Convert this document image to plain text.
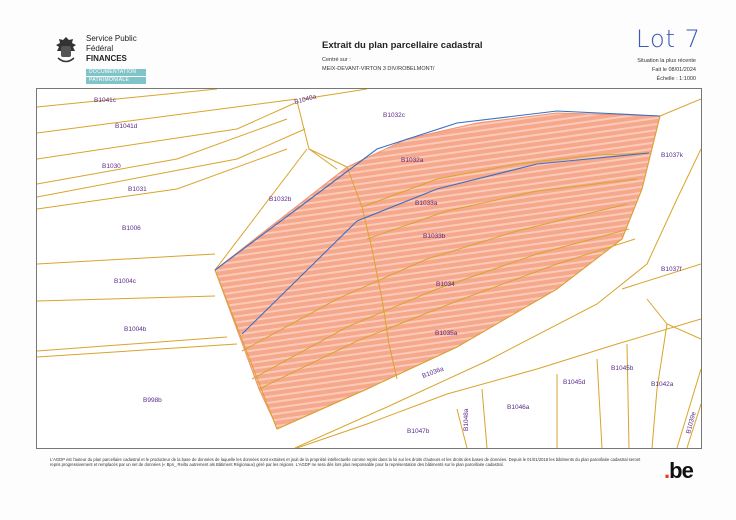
Service Public
Fédéral
FINANCES
DOCUMENTATION
PATRIMONIALE
Extrait du plan parcellaire cadastral
Centré sur :
MEIX-DEVANT-VIRTON 3 DIV/ROBELMONT/
Lot 7
Situation la plus récente
Fait le 08/01/2024
Échelle : 1:1000
B1041c	B1040a
B1041d
B1032c
B1030
B1032a
B1037k
B1031
B1032b
B1033a
B1006
B1033b
B1004c
B1037f
B1034
B1004b
B1035a
B1036a
B1045d
B1045b
B1042a
B998b
B1046a
B1048a
B1047b	B1039e
L'AGDP est l'auteur du plan parcellaire cadastral et le producteur de la base de données de laquelle les données sont extraites et jouit de la propriété intellectuelle comme repris dans la loi sur les droits d'auteurs et les droits des bases de données. Depuis le 01/01/2018 les bâtiments du plan parcellaire cadastral seront repris progressivement et remplacés par un set de données (« Bpn_ Reiltu autrement als Bâtiment Régionaux) géré par les régions. L'AGDP ne sera dès lors plus responsable pour la représentation des bâtiments sur le plan parcellaire cadastral.	.be
